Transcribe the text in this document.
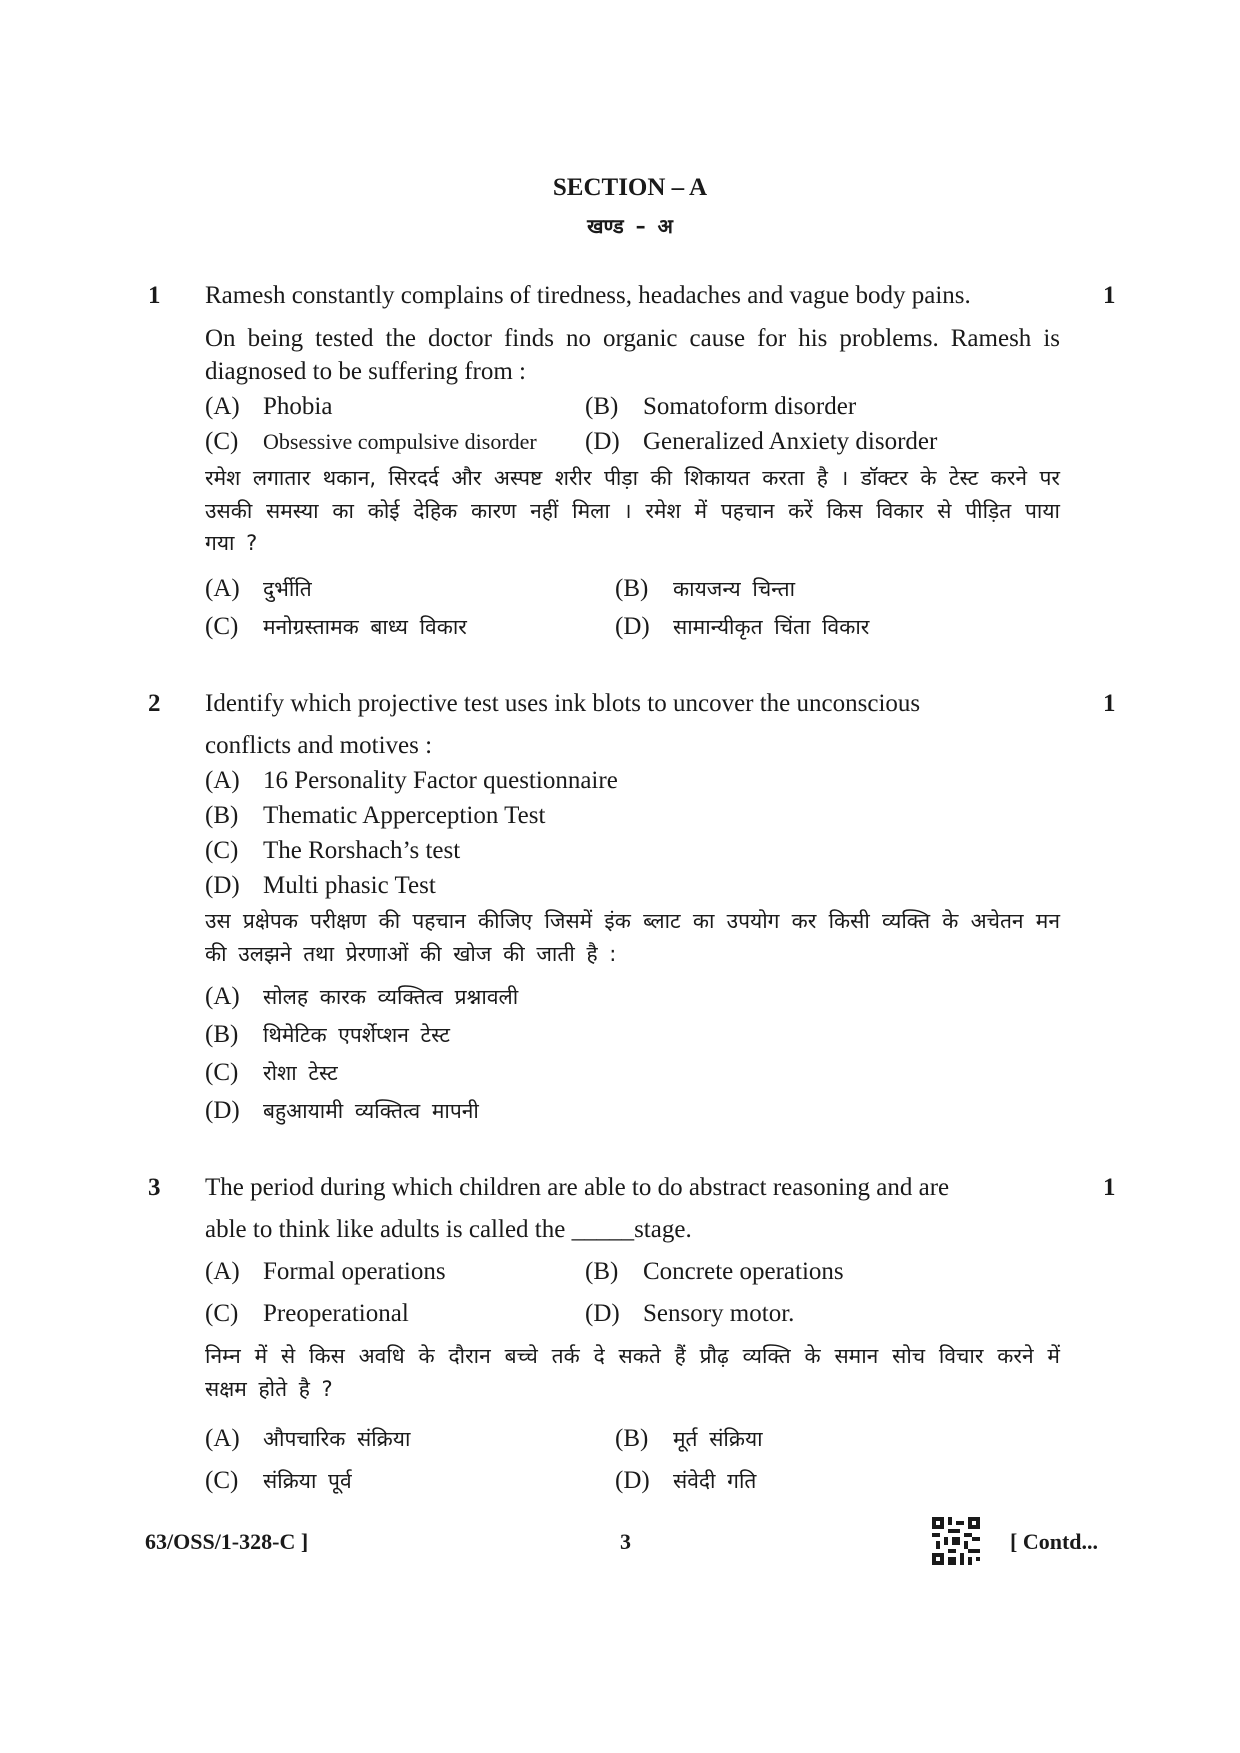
SECTION – A
खण्ड – अ
1	1
Ramesh constantly complains of tiredness, headaches and vague body pains.
On being tested the doctor finds no organic cause for his problems. Ramesh is diagnosed to be suffering from :
(A) Phobia	(B) Somatoform disorder
(C) Obsessive compulsive disorder (D) Generalized Anxiety disorder
रमेश लगातार थकान, सिरदर्द और अस्पष्ट शरीर पीड़ा की शिकायत करता है । डॉक्टर के टेस्ट करने पर उसकी समस्या का कोई देहिक कारण नहीं मिला । रमेश में पहचान करें किस विकार से पीड़ित पाया गया ?
(A) दुर्भीति	(B) कायजन्य चिन्ता
(C) मनोग्रस्तामक बाध्य विकार	(D) सामान्यीकृत चिंता विकार
2	1
Identify which projective test uses ink blots to uncover the unconscious
conflicts and motives :
(A) 16 Personality Factor questionnaire
(B) Thematic Apperception Test
(C) The Rorshach’s test
(D) Multi phasic Test
उस प्रक्षेपक परीक्षण की पहचान कीजिए जिसमें इंक ब्लाट का उपयोग कर किसी व्यक्ति के अचेतन मन की उलझने तथा प्रेरणाओं की खोज की जाती है :
(A) सोलह कारक व्यक्तित्व प्रश्नावली
(B) थिमेटिक एपर्शेप्शन टेस्ट
(C) रोशा टेस्ट
(D) बहुआयामी व्यक्तित्व मापनी
3	1
The period during which children are able to do abstract reasoning and are
able to think like adults is called the _____stage.
(A) Formal operations	(B) Concrete operations
(C) Preoperational	(D) Sensory motor.
निम्न में से किस अवधि के दौरान बच्चे तर्क दे सकते हैं प्रौढ़ व्यक्ति के समान सोच विचार करने में सक्षम होते है ?
(A) औपचारिक संक्रिया	(B) मूर्त संक्रिया
(C) संक्रिया पूर्व	(D) संवेदी गति
63/OSS/1-328-C ]	3	[ Contd...
